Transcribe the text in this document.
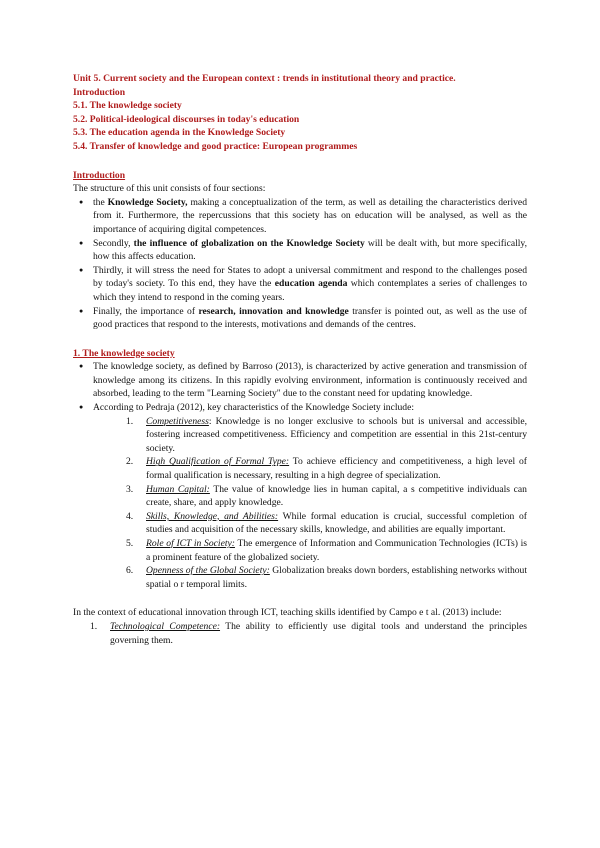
Unit 5. Current society and the European context : trends in institutional theory and practice.
Introduction
5.1. The knowledge society
5.2. Political-ideological discourses in today's education
5.3. The education agenda in the Knowledge Society
5.4. Transfer of knowledge and good practice: European programmes
Introduction

The structure of this unit consists of four sections:

● the Knowledge Society, making a conceptualization of the term, as well as detailing the characteristics derived from it. Furthermore, the repercussions that this society has on education will be analysed, as well as the importance of acquiring digital competences.
● Secondly, the influence of globalization on the Knowledge Society will be dealt with, but more specifically, how this affects education.
● Thirdly, it will stress the need for States to adopt a universal commitment and respond to the challenges posed by today's society. To this end, they have the education agenda which contemplates a series of challenges to which they intend to respond in the coming years.
● Finally, the importance of research, innovation and knowledge transfer is pointed out, as well as the use of good practices that respond to the interests, motivations and demands of the centres.
1. The knowledge society
● The knowledge society, as defined by Barroso (2013), is characterized by active generation and transmission of knowledge among its citizens. In this rapidly evolving environment, information is continuously received and absorbed, leading to the term "Learning Society" due to the constant need for updating knowledge.
● According to Pedraja (2012), key characteristics of the Knowledge Society include:
1. Competitiveness: Knowledge is no longer exclusive to schools but is universal and accessible, fostering increased competitiveness. Efficiency and competition are essential in this 21st-century society.
2. High Qualification of Formal Type: To achieve efficiency and competitiveness, a high level of formal qualification is necessary, resulting in a high degree of specialization.
3. Human Capital: The value of knowledge lies in human capital, a s competitive individuals can create, share, and apply knowledge.
4. Skills, Knowledge, and Abilities: While formal education is crucial, successful completion of studies and acquisition of the necessary skills, knowledge, and abilities are equally important.
5. Role of ICT in Society: The emergence of Information and Communication Technologies (ICTs) is a prominent feature of the globalized society.
6. Openness of the Global Society: Globalization breaks down borders, establishing networks without spatial o r temporal limits.

In the context of educational innovation through ICT, teaching skills identified by Campo e t al. (2013) include:

1. Technological Competence: The ability to efficiently use digital tools and understand the principles governing them.
